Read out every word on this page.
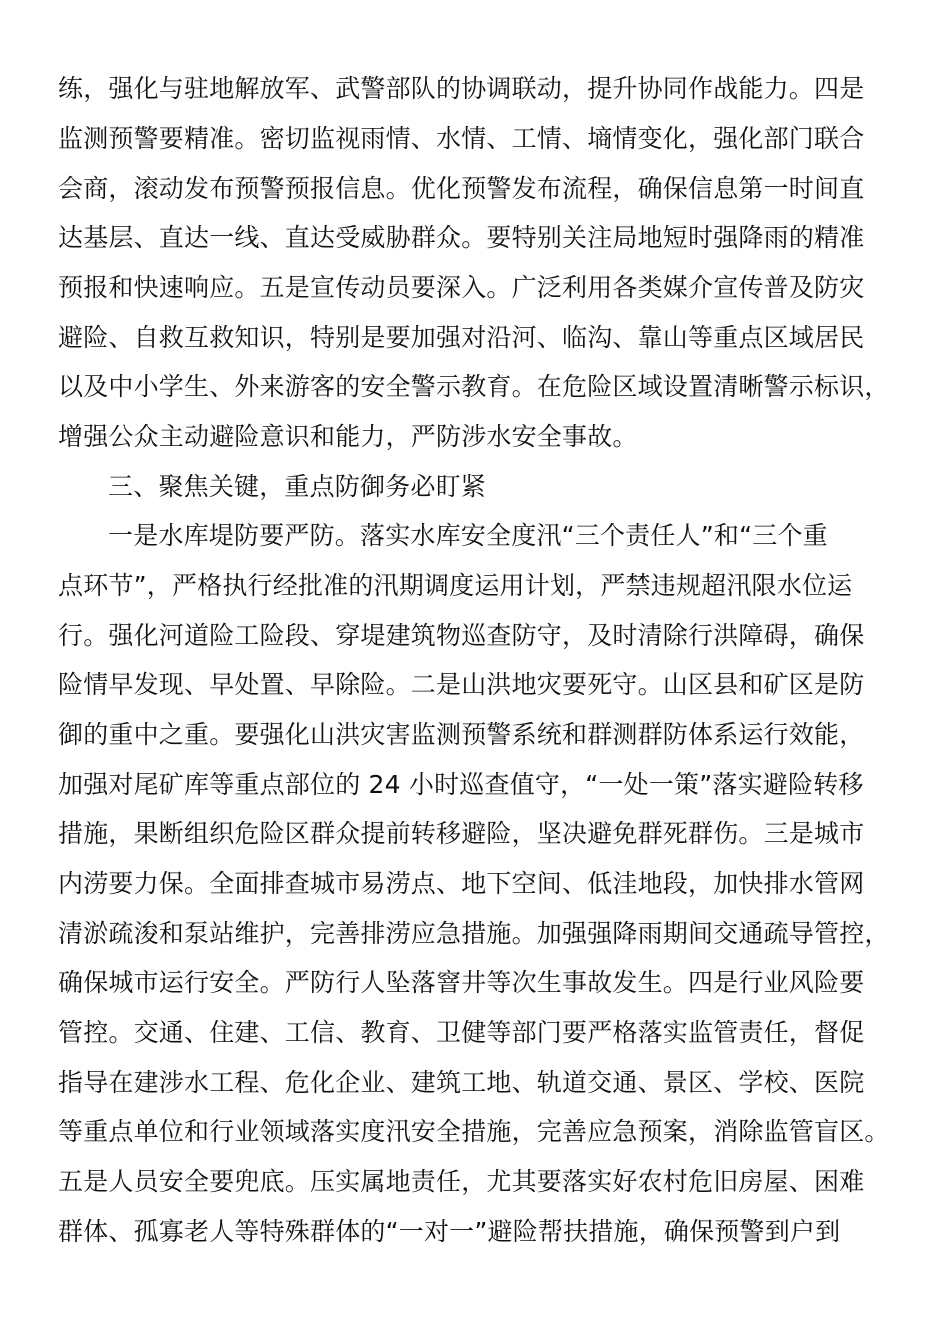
练，强化与驻地解放军、武警部队的协调联动，提升协同作战能力。四是
监测预警要精准。密切监视雨情、水情、工情、墒情变化，强化部门联合
会商，滚动发布预警预报信息。优化预警发布流程，确保信息第一时间直
达基层、直达一线、直达受威胁群众。要特别关注局地短时强降雨的精准
预报和快速响应。五是宣传动员要深入。广泛利用各类媒介宣传普及防灾
避险、自救互救知识，特别是要加强对沿河、临沟、靠山等重点区域居民
以及中小学生、外来游客的安全警示教育。在危险区域设置清晰警示标识，
增强公众主动避险意识和能力，严防涉水安全事故。
三、聚焦关键，重点防御务必盯紧
一是水库堤防要严防。落实水库安全度汛“三个责任人”和“三个重
点环节”，严格执行经批准的汛期调度运用计划，严禁违规超汛限水位运
行。强化河道险工险段、穿堤建筑物巡查防守，及时清除行洪障碍，确保
险情早发现、早处置、早除险。二是山洪地灾要死守。山区县和矿区是防
御的重中之重。要强化山洪灾害监测预警系统和群测群防体系运行效能，
加强对尾矿库等重点部位的 24 小时巡查值守，“一处一策”落实避险转移
措施，果断组织危险区群众提前转移避险，坚决避免群死群伤。三是城市
内涝要力保。全面排查城市易涝点、地下空间、低洼地段，加快排水管网
清淤疏浚和泵站维护，完善排涝应急措施。加强强降雨期间交通疏导管控，
确保城市运行安全。严防行人坠落窨井等次生事故发生。四是行业风险要
管控。交通、住建、工信、教育、卫健等部门要严格落实监管责任，督促
指导在建涉水工程、危化企业、建筑工地、轨道交通、景区、学校、医院
等重点单位和行业领域落实度汛安全措施，完善应急预案，消除监管盲区。
五是人员安全要兜底。压实属地责任，尤其要落实好农村危旧房屋、困难
群体、孤寡老人等特殊群体的“一对一”避险帮扶措施，确保预警到户到
